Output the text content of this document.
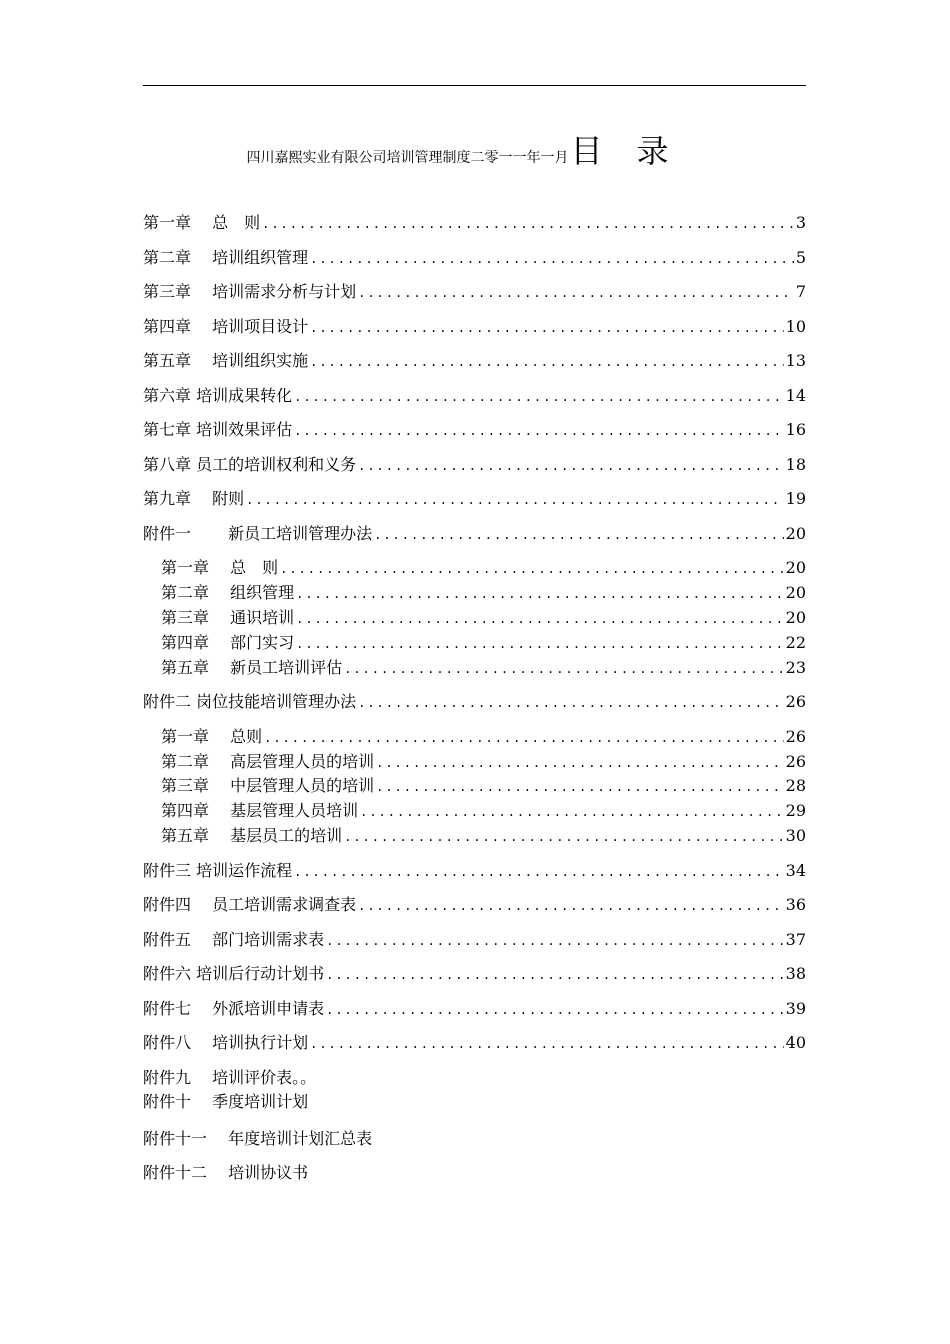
四川嘉熙实业有限公司培训管理制度二零一一年一月目录
第一章　 总　则 .....	3
第二章　 培训组织管理 .....	5
第三章　 培训需求分析与计划 .....	7
第四章　 培训项目设计 .....	10
第五章　 培训组织实施 .....	13
第六章 培训成果转化 .....	14
第七章 培训效果评估 .....	16
第八章 员工的培训权利和义务 .....	18
第九章　 附则 .....	19
附件一　　 新员工培训管理办法 .....	20
第一章　 总　则 .....	20
第二章　 组织管理 .....	20
第三章　 通识培训 .....	20
第四章　 部门实习 .....	22
第五章　 新员工培训评估 .....	23
附件二 岗位技能培训管理办法 .....	26
第一章　 总则 .....	26
第二章　 高层管理人员的培训 .....	26
第三章　 中层管理人员的培训 .....	28
第四章　 基层管理人员培训 .....	29
第五章　 基层员工的培训 .....	30
附件三 培训运作流程 .....	34
附件四　 员工培训需求调查表 .....	36
附件五　 部门培训需求表 .....	37
附件六 培训后行动计划书 .....	38
附件七　 外派培训申请表 .....	39
附件八　 培训执行计划 .....	40
附件九　 培训评价表。。
附件十　 季度培训计划
附件十一　 年度培训计划汇总表
附件十二　 培训协议书
